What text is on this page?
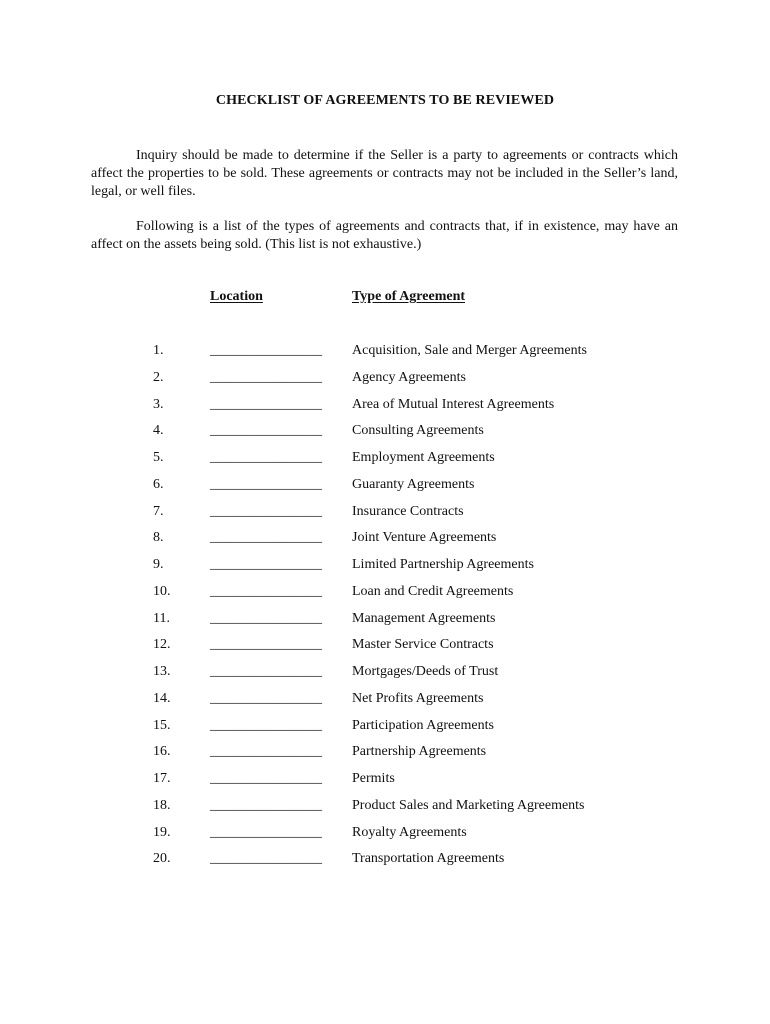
CHECKLIST OF AGREEMENTS TO BE REVIEWED
Inquiry should be made to determine if the Seller is a party to agreements or contracts which affect the properties to be sold. These agreements or contracts may not be included in the Seller’s land, legal, or well files.
Following is a list of the types of agreements and contracts that, if in existence, may have an affect on the assets being sold. (This list is not exhaustive.)
Location	Type of Agreement
1.	________________ Acquisition, Sale and Merger Agreements
2.	________________ Agency Agreements
3.	________________ Area of Mutual Interest Agreements
4.	________________ Consulting Agreements
5.	________________ Employment Agreements
6.	________________ Guaranty Agreements
7.	________________ Insurance Contracts
8.	________________ Joint Venture Agreements
9.	________________ Limited Partnership Agreements
10.	________________ Loan and Credit Agreements
11.	________________ Management Agreements
12.	________________ Master Service Contracts
13.	________________ Mortgages/Deeds of Trust
14.	________________ Net Profits Agreements
15.	________________ Participation Agreements
16.	________________ Partnership Agreements
17.	________________ Permits
18.	________________ Product Sales and Marketing Agreements
19.	________________ Royalty Agreements
20.	________________ Transportation Agreements
